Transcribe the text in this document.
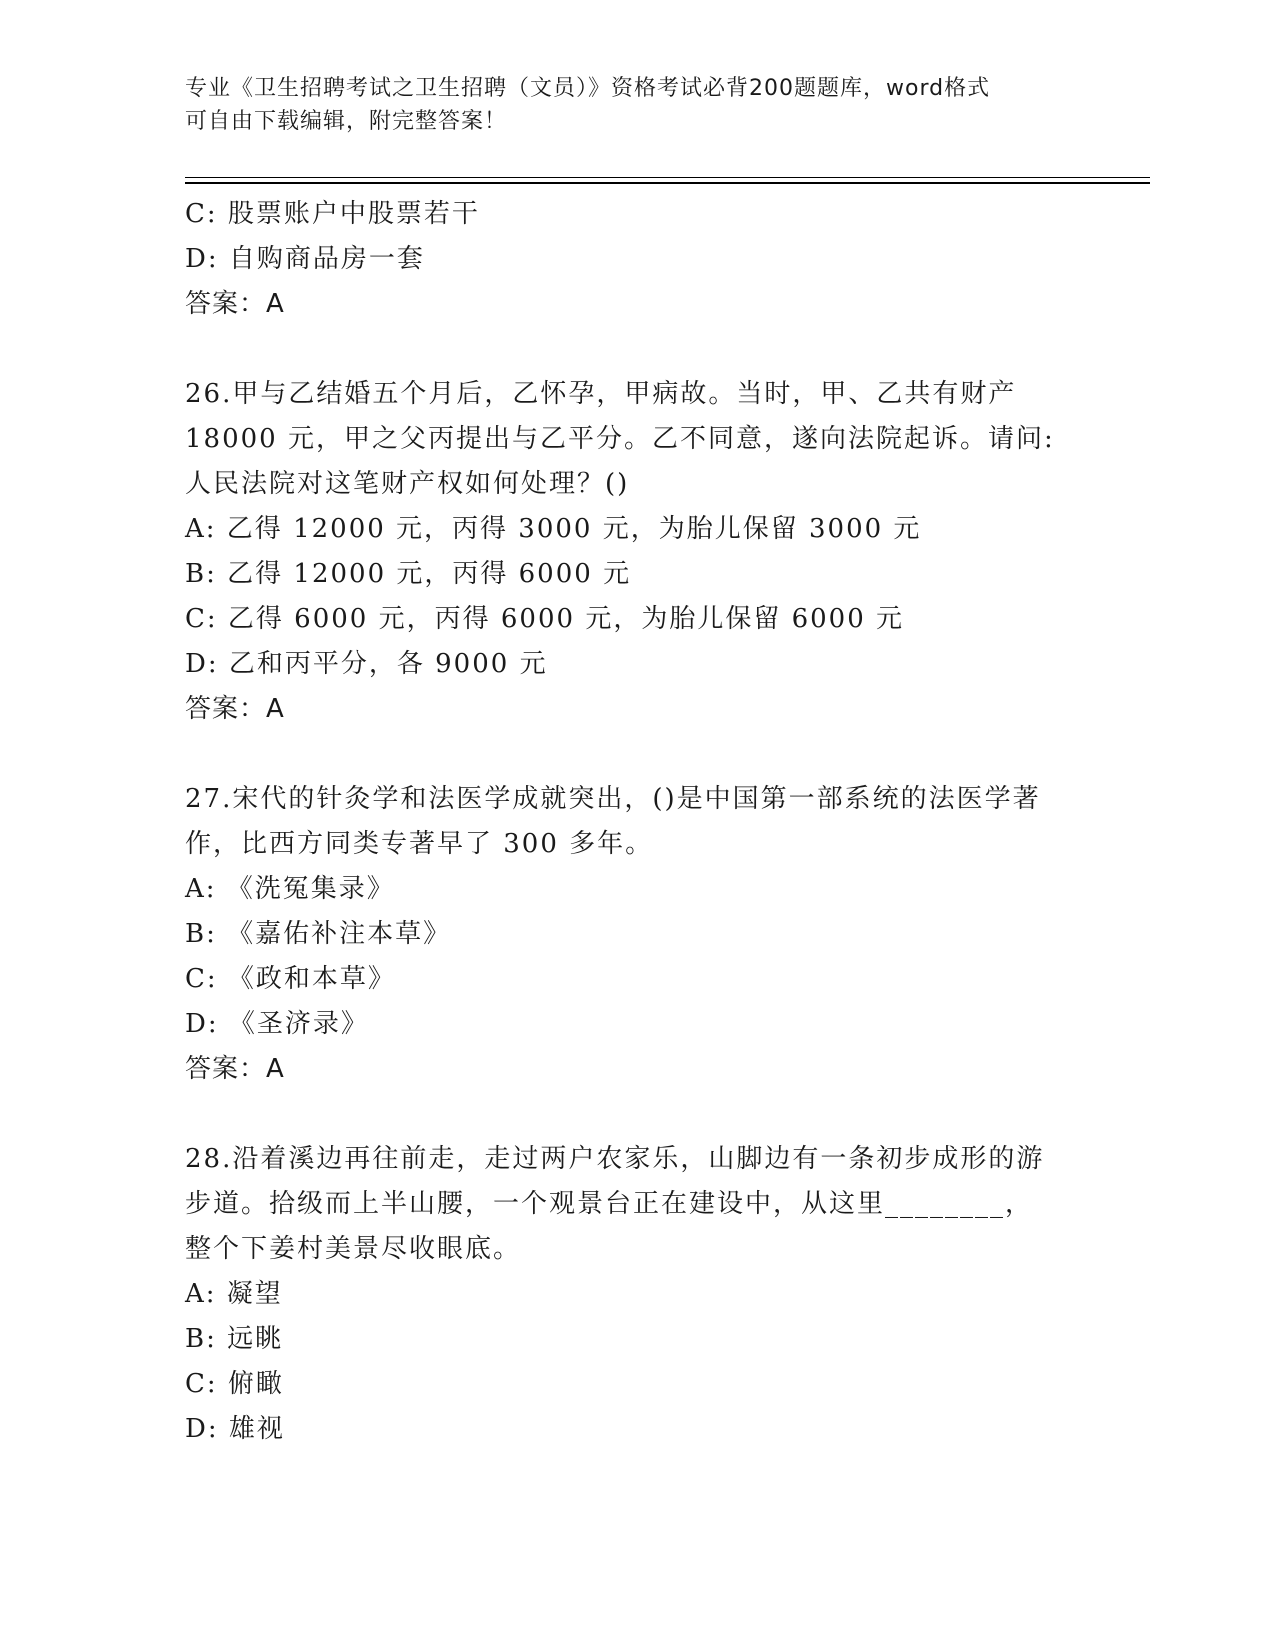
专业《卫生招聘考试之卫生招聘（文员）》资格考试必背200题题库，word格式
可自由下载编辑，附完整答案！
C: 股票账户中股票若干
D: 自购商品房一套
答案：A
26.甲与乙结婚五个月后，乙怀孕，甲病故。当时，甲、乙共有财产
18000 元，甲之父丙提出与乙平分。乙不同意，遂向法院起诉。请问:
人民法院对这笔财产权如何处理？()
A: 乙得 12000 元，丙得 3000 元，为胎儿保留 3000 元
B: 乙得 12000 元，丙得 6000 元
C: 乙得 6000 元，丙得 6000 元，为胎儿保留 6000 元
D: 乙和丙平分，各 9000 元
答案：A
27.宋代的针灸学和法医学成就突出，()是中国第一部系统的法医学著
作，比西方同类专著早了 300 多年。
A: 《洗冤集录》
B: 《嘉佑补注本草》
C: 《政和本草》
D: 《圣济录》
答案：A
28.沿着溪边再往前走，走过两户农家乐，山脚边有一条初步成形的游
步道。拾级而上半山腰，一个观景台正在建设中，从这里________，
整个下姜村美景尽收眼底。
A: 凝望
B: 远眺
C: 俯瞰
D: 雄视
